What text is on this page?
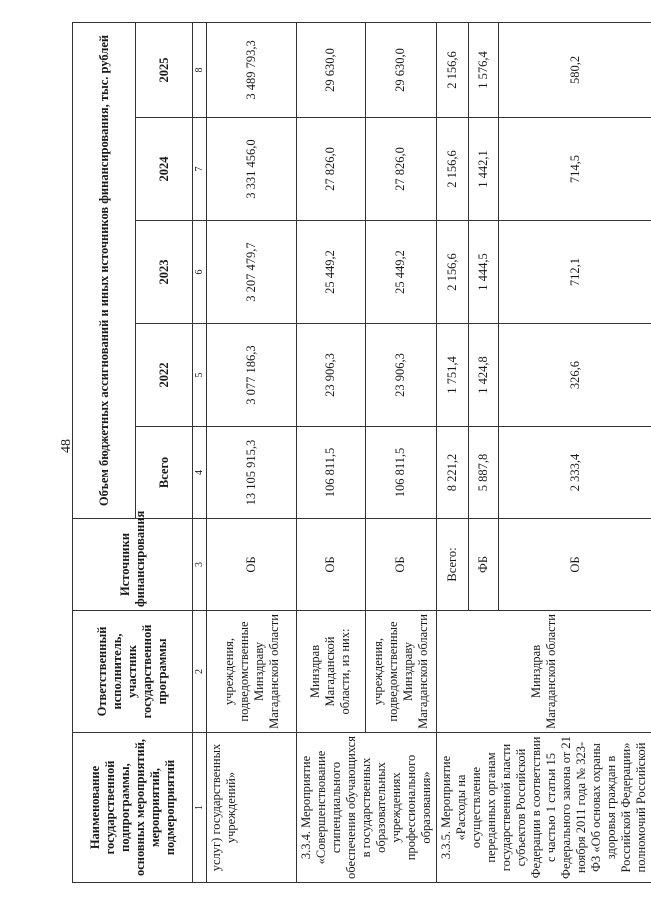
48
Наименование государственной подпрограммы, основных мероприятий, мероприятий, подмероприятий	Ответственный исполнитель, участник государственной программы	Источники финансирования	Объем бюджетных ассигнований и иных источников финансирования, тыс. рублей				
			Всего	2022	2023	2024	2025
1	2	3	4	5	6	7	8
услуг) государственных учреждений»	учреждения, подведомственные Минздраву Магаданской области	ОБ	13 105 915,3	3 077 186,3	3 207 479,7	3 331 456,0	3 489 793,3
3.3.4. Мероприятие «Совершенствование стипендиального обеспечения обучающихся в государственных образовательных учреждениях профессионального образования»	Минздрав Магаданской области, из них:	ОБ	106 811,5	23 906,3	25 449,2	27 826,0	29 630,0
	учреждения, подведомственные Минздраву Магаданской области	ОБ	106 811,5	23 906,3	25 449,2	27 826,0	29 630,0
3.3.5. Мероприятие «Расходы на осуществление переданных органам государственной власти субъектов Российской Федерации в соответствии с частью 1 статьи 15 Федерального закона от 21 ноября 2011 года № 323-ФЗ «Об основах охраны здоровья граждан в Российской Федерации» полномочий Российской	Минздрав Магаданской области	Всего:	8 221,2	1 751,4	2 156,6	2 156,6	2 156,6
		ФБ	5 887,8	1 424,8	1 444,5	1 442,1	1 576,4
		ОБ	2 333,4	326,6	712,1	714,5	580,2
